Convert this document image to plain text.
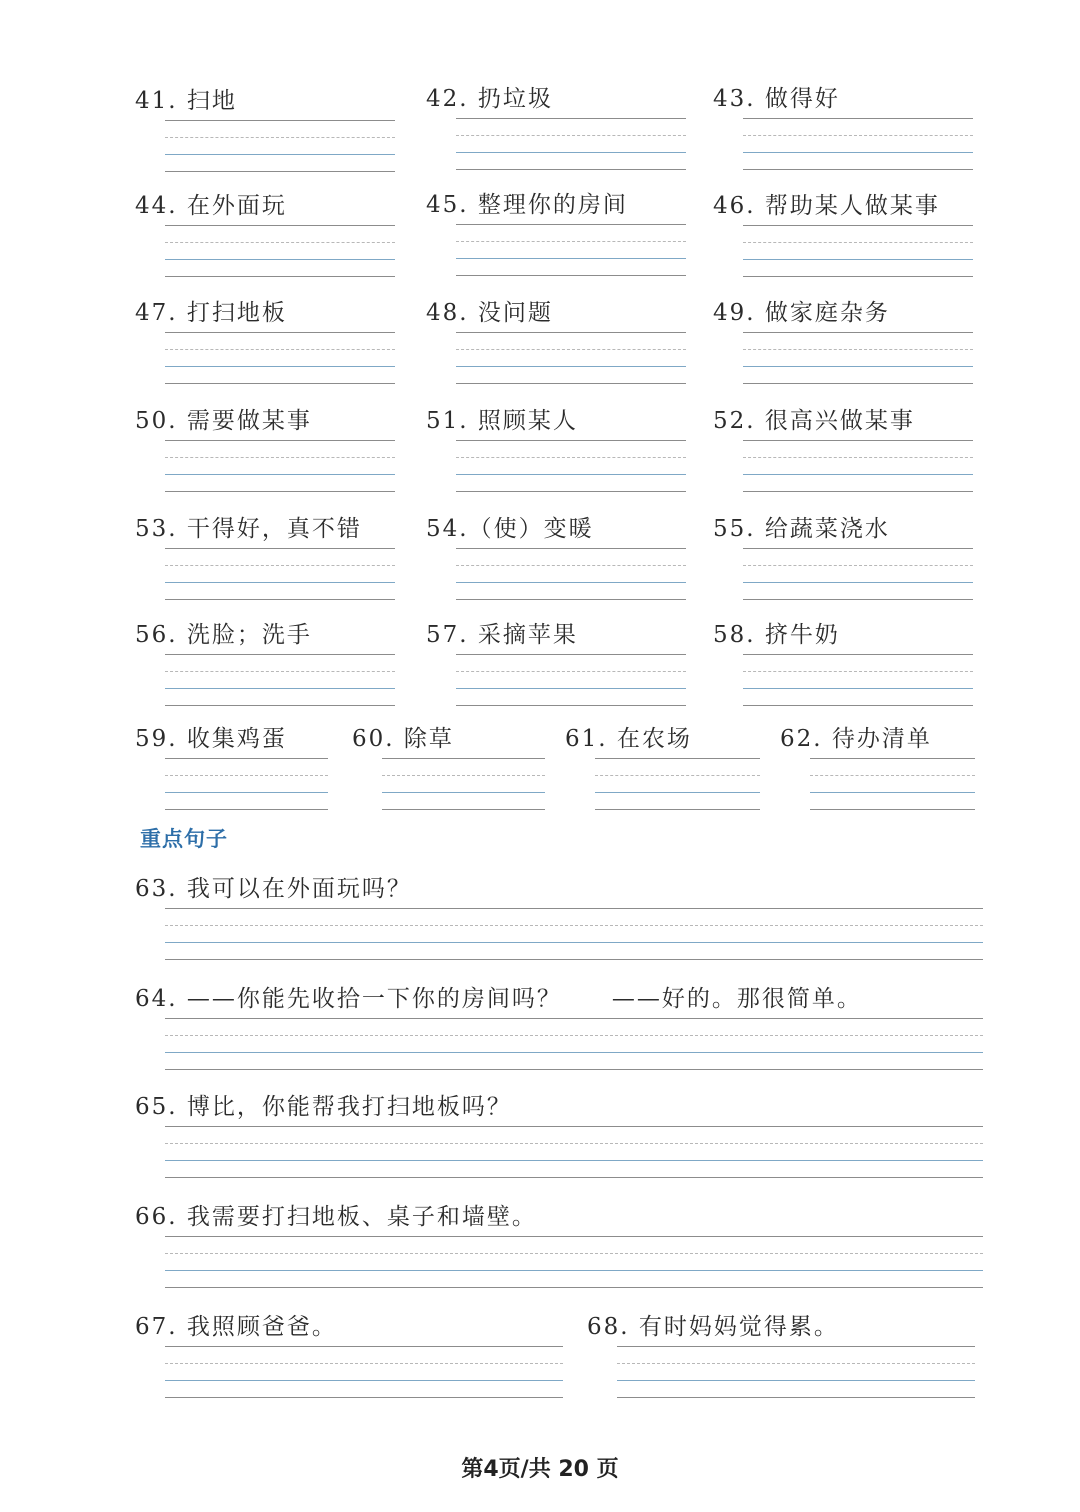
41. 扫地	42. 扔垃圾	43. 做得好
44. 在外面玩	45. 整理你的房间	46. 帮助某人做某事
47. 打扫地板	48. 没问题	49. 做家庭杂务
50. 需要做某事	51. 照顾某人	52. 很高兴做某事
53. 干得好，真不错	54.（使）变暖	55. 给蔬菜浇水
56. 洗脸；洗手	57. 采摘苹果	58. 挤牛奶
59. 收集鸡蛋	60. 除草	61. 在农场	62. 待办清单
63. 我可以在外面玩吗？
64. ——你能先收拾一下你的房间吗？　　——好的。那很简单。
65. 博比，你能帮我打扫地板吗？
66. 我需要打扫地板、桌子和墙壁。
67. 我照顾爸爸。	68. 有时妈妈觉得累。
重点句子
第4页/共 20 页
